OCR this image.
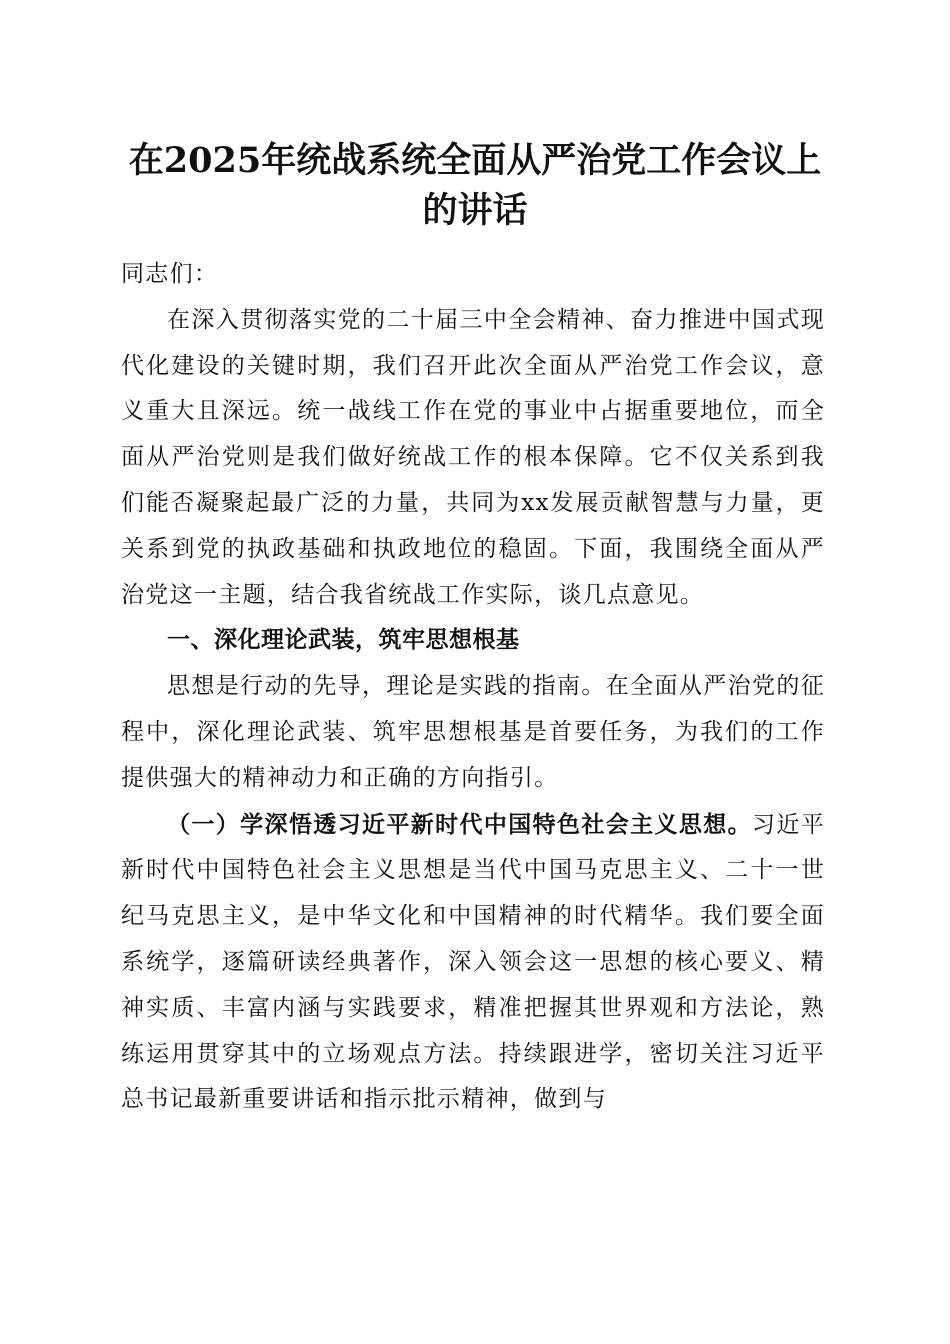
在2025年统战系统全面从严治党工作会议上
的讲话

同志们：

在深入贯彻落实党的二十届三中全会精神、奋力推进中国式现代化建设的关键时期，我们召开此次全面从严治党工作会议，意义重大且深远。统一战线工作在党的事业中占据重要地位，而全面从严治党则是我们做好统战工作的根本保障。它不仅关系到我们能否凝聚起最广泛的力量，共同为xx发展贡献智慧与力量，更关系到党的执政基础和执政地位的稳固。下面，我围绕全面从严治党这一主题，结合我省统战工作实际，谈几点意见。

一、深化理论武装，筑牢思想根基

思想是行动的先导，理论是实践的指南。在全面从严治党的征程中，深化理论武装、筑牢思想根基是首要任务，为我们的工作提供强大的精神动力和正确的方向指引。

（一）学深悟透习近平新时代中国特色社会主义思想。习近平新时代中国特色社会主义思想是当代中国马克思主义、二十一世纪马克思主义，是中华文化和中国精神的时代精华。我们要全面系统学，逐篇研读经典著作，深入领会这一思想的核心要义、精神实质、丰富内涵与实践要求，精准把握其世界观和方法论，熟练运用贯穿其中的立场观点方法。持续跟进学，密切关注习近平总书记最新重要讲话和指示批示精神，做到与
